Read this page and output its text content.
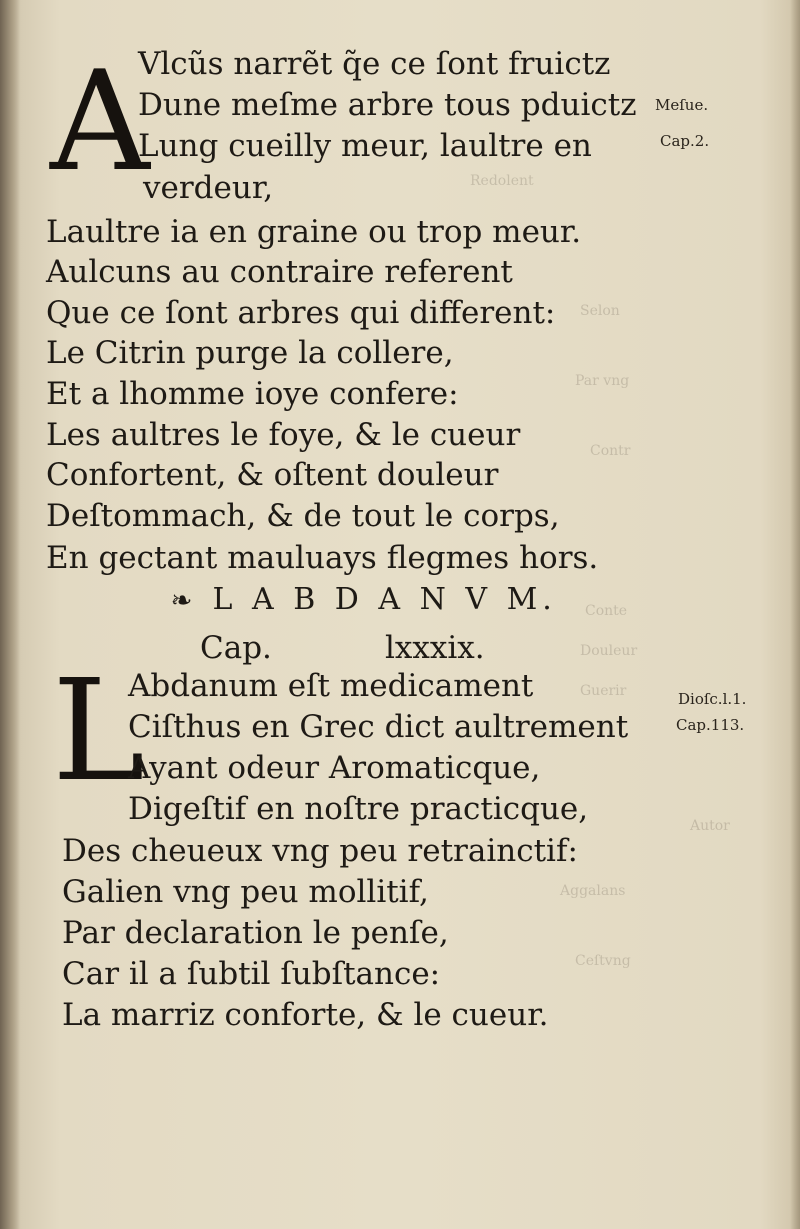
Redolent
Selon
Par vng
Contr
Conte
Douleur
Guerir
Autor
Aggalans
Ceſtvng
A
Vlcũs narrẽt q̃e ce ſont fruictz
Dune meſme arbre tous pduictz
Lung cueilly meur, laultre en
verdeur,
Laultre ia en graine ou trop meur.
Aulcuns au contraire referent
Que ce ſont arbres qui different:
Le Citrin purge la collere,
Et a lhomme ioye confere:
Les aultres le foye, & le cueur
Confortent, & oſtent douleur
Deſtommach, & de tout le corps,
En gectant mauluays flegmes hors.
❧ L A B D A N V M.
Cap.	lxxxix.
L
Abdanum eſt medicament
Ciſthus en Grec dict aultrement
Ayant odeur Aromaticque,
Digeſtif en noſtre practicque,
Des cheueux vng peu retrainctif:
Galien vng peu mollitif,
Par declaration le penſe,
Car il a ſubtil ſubſtance:
La marriz conforte, & le cueur.
Meſue.
Cap.2.
Dioſc.l.1.
Cap.113.
